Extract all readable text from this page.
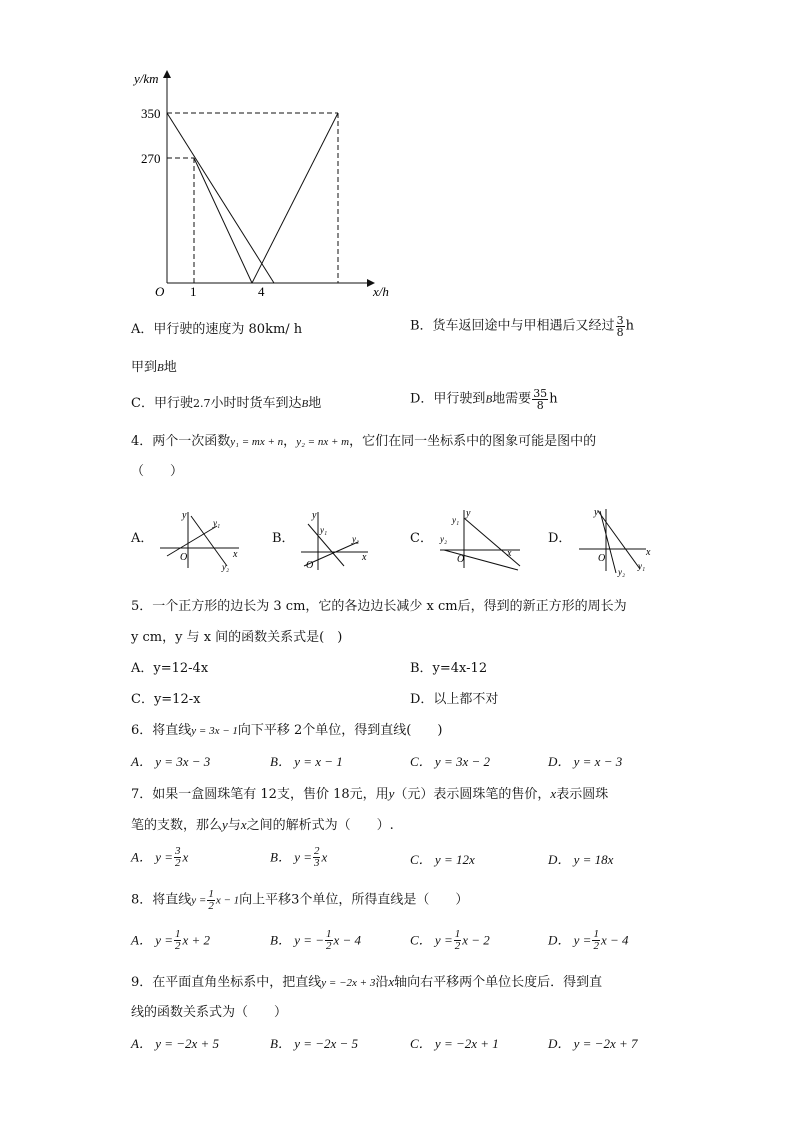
y/km
x/h
350
270
O 1	4
A．甲行驶的速度为 80km/ h	B．货车返回途中与甲相遇后又经过 $\frac{3}{8}$ h
甲到B地
C．甲行驶2.7小时时货车到达B地	D．甲行驶到B地需要 $\frac{35}{8}$ h
4．两个一次函数y₁ = mx + n，y₂ = nx + m，它们在同一坐标系中的图象可能是图中的
（　　）
A．	B．	C．	D．
y
x
O
y₁
y₂
y
x
O
y₁
y₂
y₁
y
y₂
x
O
y
x
O
y₂
y₁
5．一个正方形的边长为 3 cm，它的各边边长减少 x cm后，得到的新正方形的周长为
y cm，y 与 x 间的函数关系式是(　)
A．y=12-4x	B．y=4x-12
C．y=12-x	D．以上都不对
6．将直线y = 3x − 1向下平移 2个单位，得到直线(　　)
A． y = 3x − 3	B． y = x − 1	C． y = 3x − 2	D． y = x − 3
7．如果一盒圆珠笔有 12支，售价 18元，用y（元）表示圆珠笔的售价，x表示圆珠
笔的支数，那么y与x之间的解析式为（　　）.
A． $y = \frac{3}{2}$ x	B． $y = \frac{2}{3}$ x	C． y = 12x	D． y = 18x
8．将直线$y = \frac{1}{2}$ x − 1向上平移3个单位，所得直线是（　　）
A． $y = \frac{1}{2}$ x + 2	B． y = − $\frac{1}{2}$ x − 4	C． $y = \frac{1}{2}$ x − 2	D． $y = \frac{1}{2}$ x − 4
9．在平面直角坐标系中，把直线y = −2x + 3沿x轴向右平移两个单位长度后．得到直
线的函数关系式为（　　）
A． y = −2x + 5	B． y = −2x − 5	C． y = −2x + 1	D． y = −2x + 7
